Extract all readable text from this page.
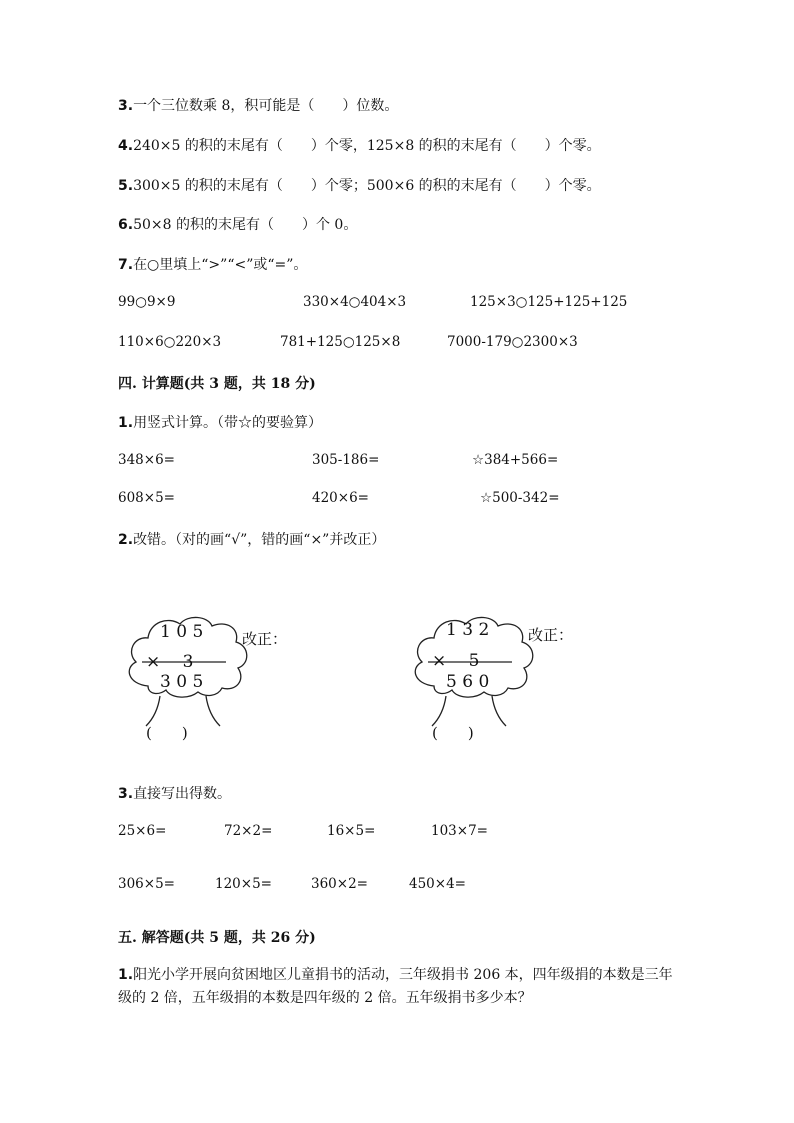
3.一个三位数乘 8，积可能是（　　）位数。
4.240×5 的积的末尾有（　　）个零，125×8 的积的末尾有（　　）个零。
5.300×5 的积的末尾有（　　）个零；500×6 的积的末尾有（　　）个零。
6.50×8 的积的末尾有（　　）个 0。
7.在○里填上“>”“<”或“=”。
99○9×9	330×4○404×3	125×3○125+125+125
110×6○220×3	781+125○125×8	7000-179○2300×3
四. 计算题(共 3 题，共 18 分)
1.用竖式计算。（带☆的要验算）
348×6=	305-186=	☆384+566=
608×5=	420×6=	☆500-342=
2.改错。（对的画“√”，错的画“×”并改正）
1 0 5
× 　3
3 0 5
(　　)
改正：	1 3 2
× 　5
5 6 0
(　　)
改正：
3.直接写出得数。
25×6=	72×2=	16×5=	103×7=
306×5=	120×5=	360×2=	450×4=
五. 解答题(共 5 题，共 26 分)
1.阳光小学开展向贫困地区儿童捐书的活动，三年级捐书 206 本，四年级捐的本数是三年级的 2 倍，五年级捐的本数是四年级的 2 倍。五年级捐书多少本？
